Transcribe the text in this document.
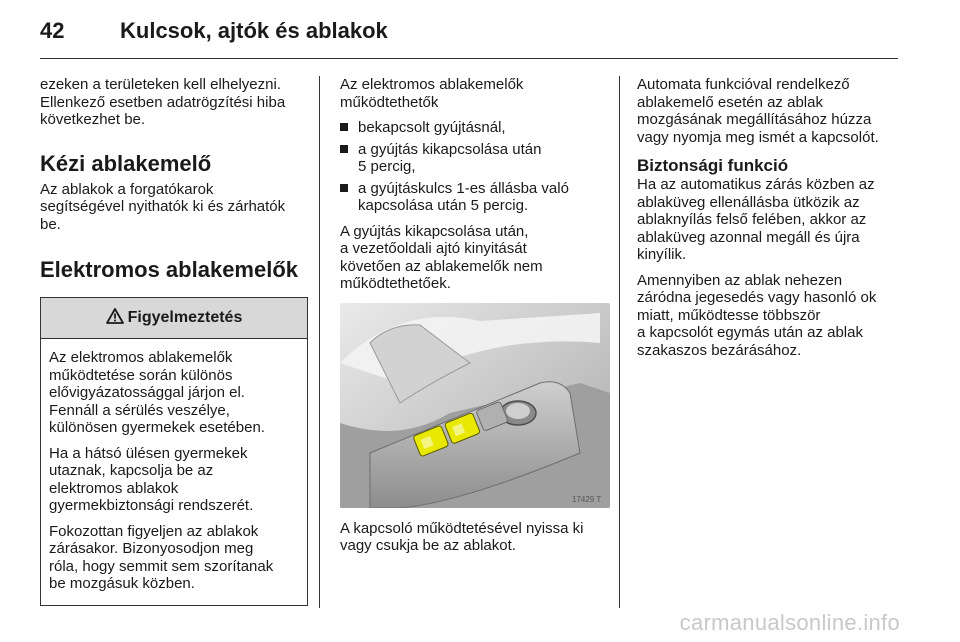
42	Kulcsok, ajtók és ablakok

ezeken a területeken kell elhelyezni.
Ellenkező esetben adatrögzítési hiba
következhet be.

Kézi ablakemelő

Az ablakok a forgatókarok
segítségével nyithatók ki és zárhatók
be.

Elektromos ablakemelők
Figyelmeztetés

Az elektromos ablakemelők
működtetése során különös
elővigyázatossággal járjon el.
Fennáll a sérülés veszélye,
különösen gyermekek esetében.

Ha a hátsó ülésen gyermekek
utaznak, kapcsolja be az
elektromos ablakok
gyermekbiztonsági rendszerét.

Fokozottan figyeljen az ablakok
zárásakor. Bizonyosodjon meg
róla, hogy semmit sem szorítanak
be mozgásuk közben.

Az elektromos ablakemelők
működtethetők

bekapcsolt gyújtásnál,
a gyújtás kikapcsolása után
5 percig,
a gyújtáskulcs 1-es állásba való
kapcsolása után 5 percig.

A gyújtás kikapcsolása után,
a vezetőoldali ajtó kinyitását
követően az ablakemelők nem
működtethetőek.

17429 T

A kapcsoló működtetésével nyissa ki
vagy csukja be az ablakot.

Automata funkcióval rendelkező
ablakemelő esetén az ablak
mozgásának megállításához húzza
vagy nyomja meg ismét a kapcsolót.

Biztonsági funkció

Ha az automatikus zárás közben az
ablaküveg ellenállásba ütközik az
ablaknyílás felső felében, akkor az
ablaküveg azonnal megáll és újra
kinyílik.

Amennyiben az ablak nehezen
záródna jegesedés vagy hasonló ok
miatt, működtesse többször
a kapcsolót egymás után az ablak
szakaszos bezárásához.

carmanualsonline.info
